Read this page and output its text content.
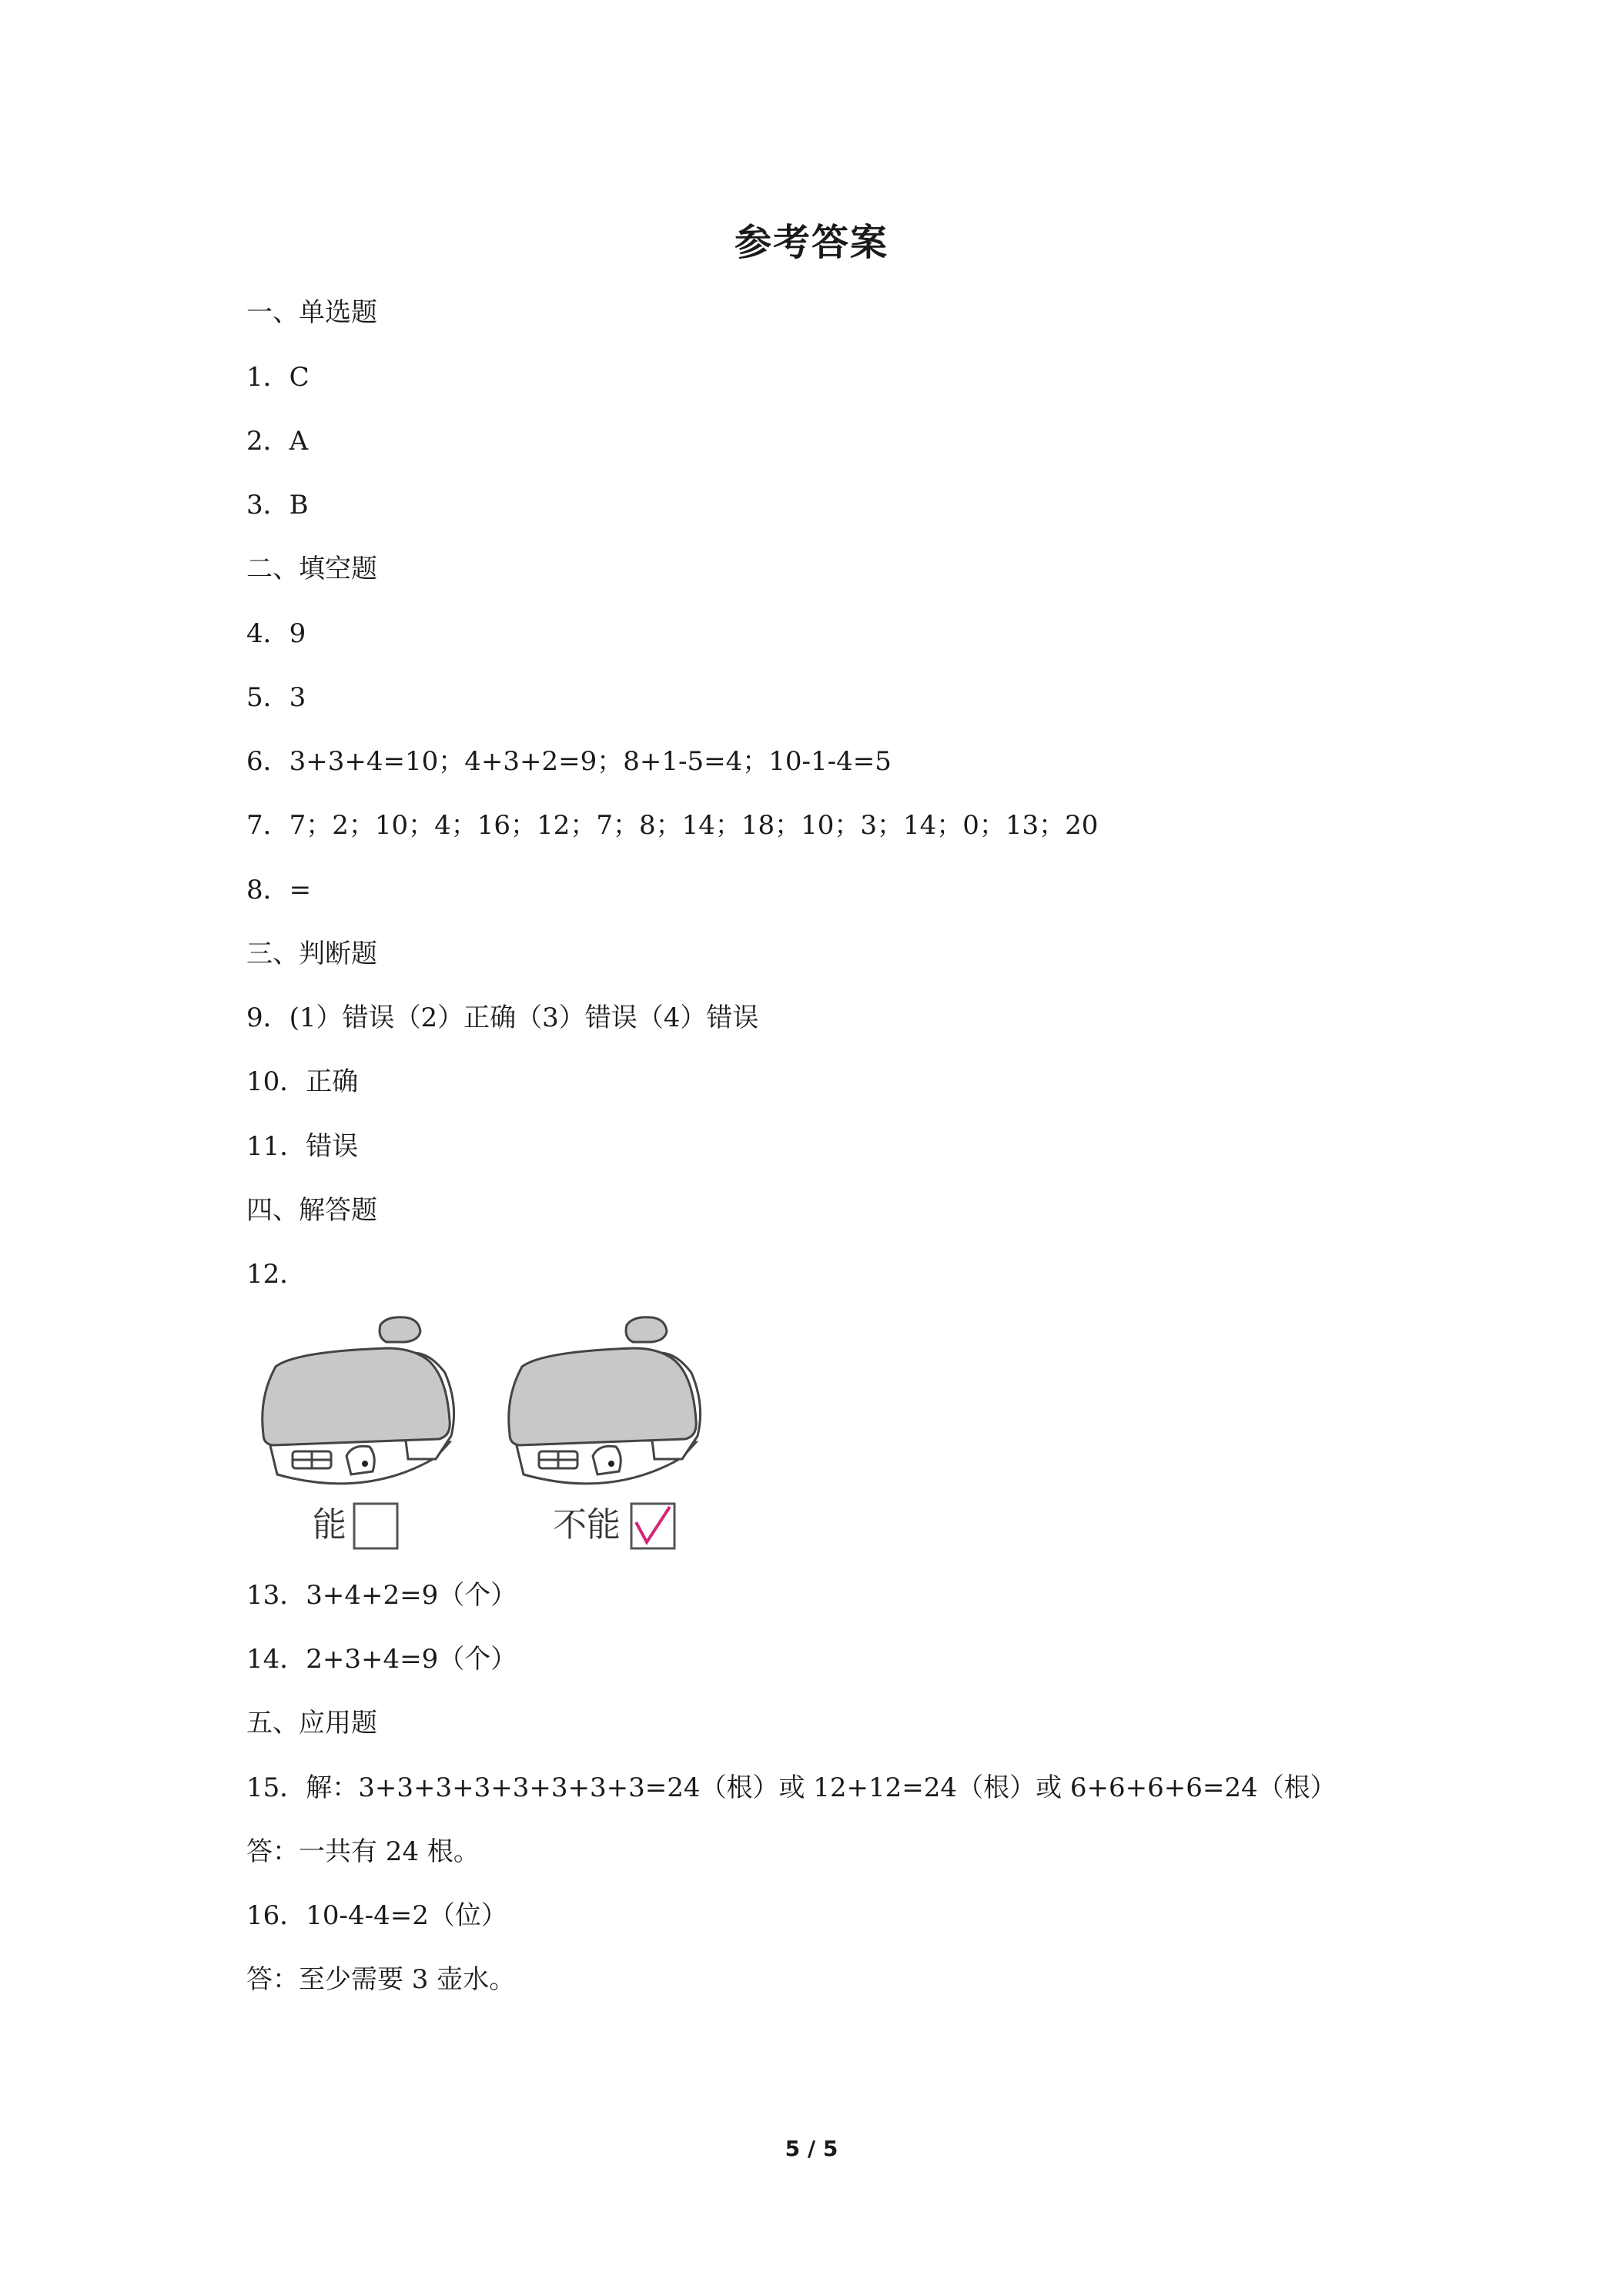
参考答案
一、单选题
1．C
2．A
3．B
二、填空题
4．9
5．3
6．3+3+4=10；4+3+2=9；8+1-5=4；10-1-4=5
7．7；2；10；4；16；12；7；8；14；18；10；3；14；0；13；20
8．=
三、判断题
9．(1）错误（2）正确（3）错误（4）错误
10．正确
11．错误
四、解答题
12．
能	不能
13．3+4+2=9（个）
14．2+3+4=9（个）
五、应用题
15．解：3+3+3+3+3+3+3+3=24（根）或 12+12=24（根）或 6+6+6+6=24（根）
答：一共有 24 根。
16．10-4-4=2（位）
答：至少需要 3 壶水。
5 / 5
